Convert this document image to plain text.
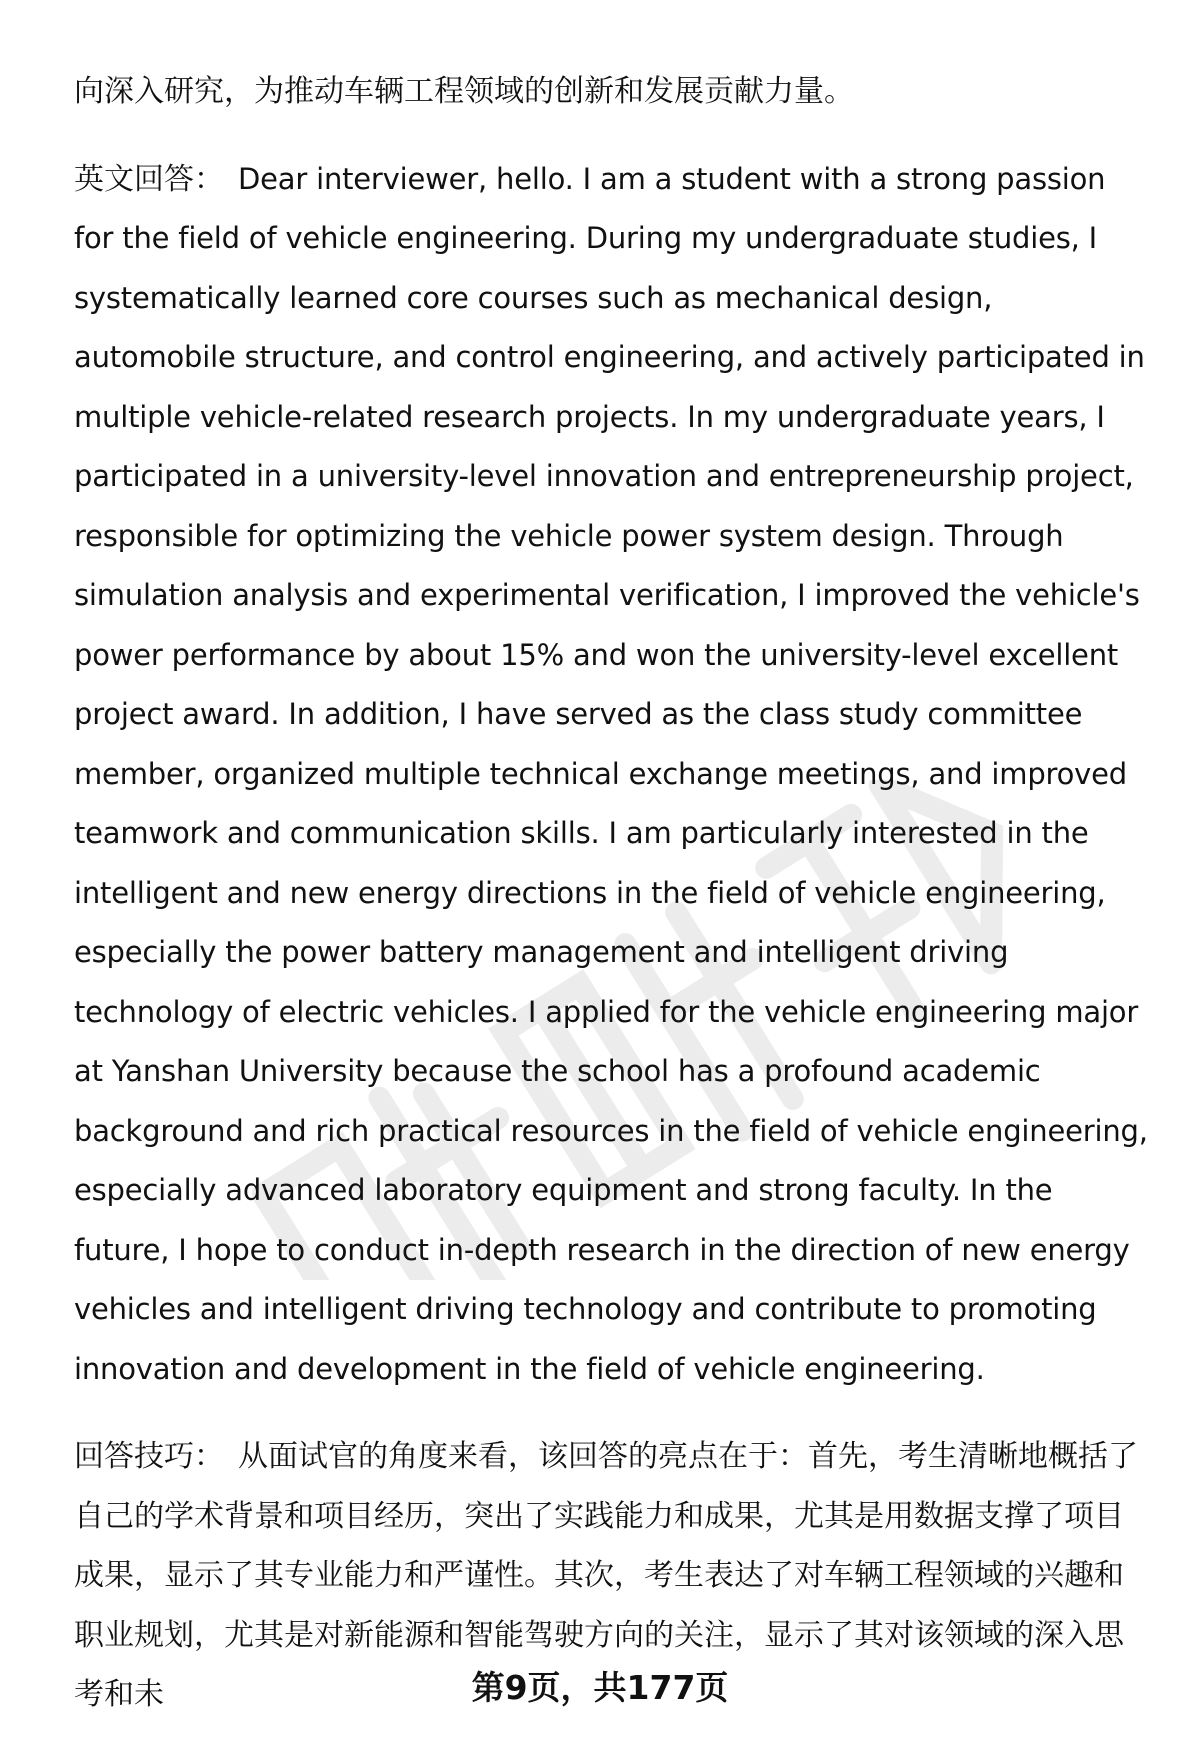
向深入研究，为推动车辆工程领域的创新和发展贡献力量。

英文回答： Dear interviewer, hello. I am a student with a strong passion for the field of vehicle engineering. During my undergraduate studies, I systematically learned core courses such as mechanical design, automobile structure, and control engineering, and actively participated in multiple vehicle-related research projects. In my undergraduate years, I participated in a university-level innovation and entrepreneurship project, responsible for optimizing the vehicle power system design. Through simulation analysis and experimental verification, I improved the vehicle's power performance by about 15% and won the university-level excellent project award. In addition, I have served as the class study committee member, organized multiple technical exchange meetings, and improved teamwork and communication skills. I am particularly interested in the intelligent and new energy directions in the field of vehicle engineering, especially the power battery management and intelligent driving technology of electric vehicles. I applied for the vehicle engineering major at Yanshan University because the school has a profound academic background and rich practical resources in the field of vehicle engineering, especially advanced laboratory equipment and strong faculty. In the future, I hope to conduct in-depth research in the direction of new energy vehicles and intelligent driving technology and contribute to promoting innovation and development in the field of vehicle engineering.

回答技巧： 从面试官的角度来看，该回答的亮点在于：首先，考生清晰地概括了自己的学术背景和项目经历，突出了实践能力和成果，尤其是用数据支撑了项目成果，显示了其专业能力和严谨性。其次，考生表达了对车辆工程领域的兴趣和职业规划，尤其是对新能源和智能驾驶方向的关注，显示了其对该领域的深入思考和未	第9页，共177页
